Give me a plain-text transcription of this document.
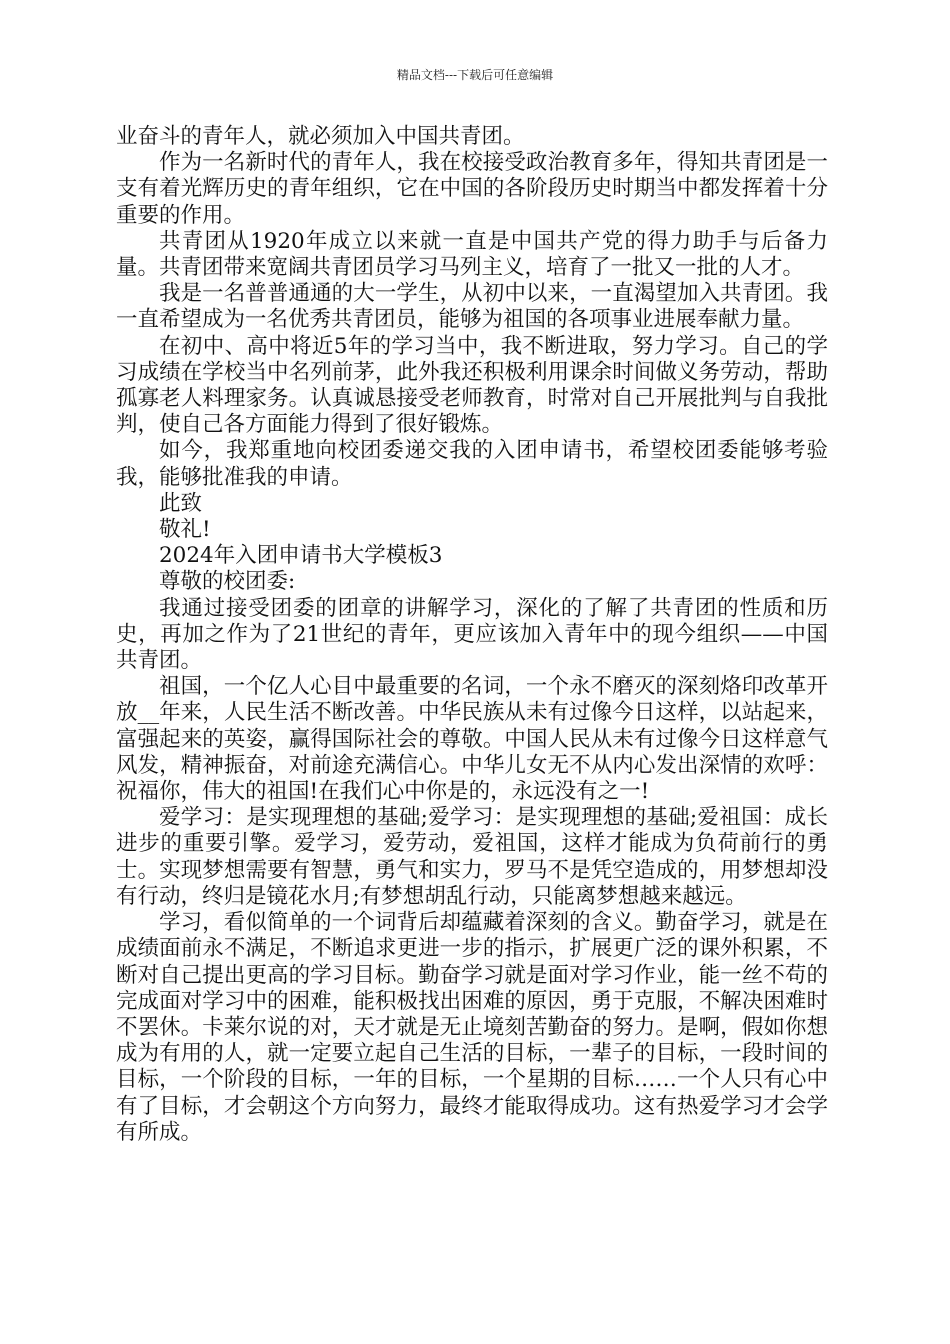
精品文档---下载后可任意编辑

业奋斗的青年人，就必须加入中国共青团。

作为一名新时代的青年人，我在校接受政治教育多年，得知共青团是一支有着光辉历史的青年组织，它在中国的各阶段历史时期当中都发挥着十分重要的作用。

共青团从1920年成立以来就一直是中国共产党的得力助手与后备力量。共青团带来宽阔共青团员学习马列主义，培育了一批又一批的人才。

我是一名普普通通的大一学生，从初中以来，一直渴望加入共青团。我一直希望成为一名优秀共青团员，能够为祖国的各项事业进展奉献力量。

在初中、高中将近5年的学习当中，我不断进取，努力学习。自己的学习成绩在学校当中名列前茅，此外我还积极利用课余时间做义务劳动，帮助孤寡老人料理家务。认真诚恳接受老师教育，时常对自己开展批判与自我批判，使自己各方面能力得到了很好锻炼。

如今，我郑重地向校团委递交我的入团申请书，希望校团委能够考验我，能够批准我的申请。

此致

敬礼!

2024年入团申请书大学模板3

尊敬的校团委:

我通过接受团委的团章的讲解学习，深化的了解了共青团的性质和历史，再加之作为了21世纪的青年，更应该加入青年中的现今组织——中国共青团。

祖国，一个亿人心目中最重要的名词，一个永不磨灭的深刻烙印改革开放__年来，人民生活不断改善。中华民族从未有过像今日这样，以站起来，富强起来的英姿，赢得国际社会的尊敬。中国人民从未有过像今日这样意气风发，精神振奋，对前途充满信心。中华儿女无不从内心发出深情的欢呼：祝福你，伟大的祖国!在我们心中你是的，永远没有之一!

爱学习：是实现理想的基础;爱学习：是实现理想的基础;爱祖国：成长进步的重要引擎。爱学习，爱劳动，爱祖国，这样才能成为负荷前行的勇士。实现梦想需要有智慧，勇气和实力，罗马不是凭空造成的，用梦想却没有行动，终归是镜花水月;有梦想胡乱行动，只能离梦想越来越远。

学习，看似简单的一个词背后却蕴藏着深刻的含义。勤奋学习，就是在成绩面前永不满足，不断追求更进一步的指示，扩展更广泛的课外积累，不断对自己提出更高的学习目标。勤奋学习就是面对学习作业，能一丝不苟的完成面对学习中的困难，能积极找出困难的原因，勇于克服，不解决困难时不罢休。卡莱尔说的对，天才就是无止境刻苦勤奋的努力。是啊，假如你想成为有用的人，就一定要立起自己生活的目标，一辈子的目标，一段时间的目标，一个阶段的目标，一年的目标，一个星期的目标……一个人只有心中有了目标，才会朝这个方向努力，最终才能取得成功。这有热爱学习才会学有所成。
